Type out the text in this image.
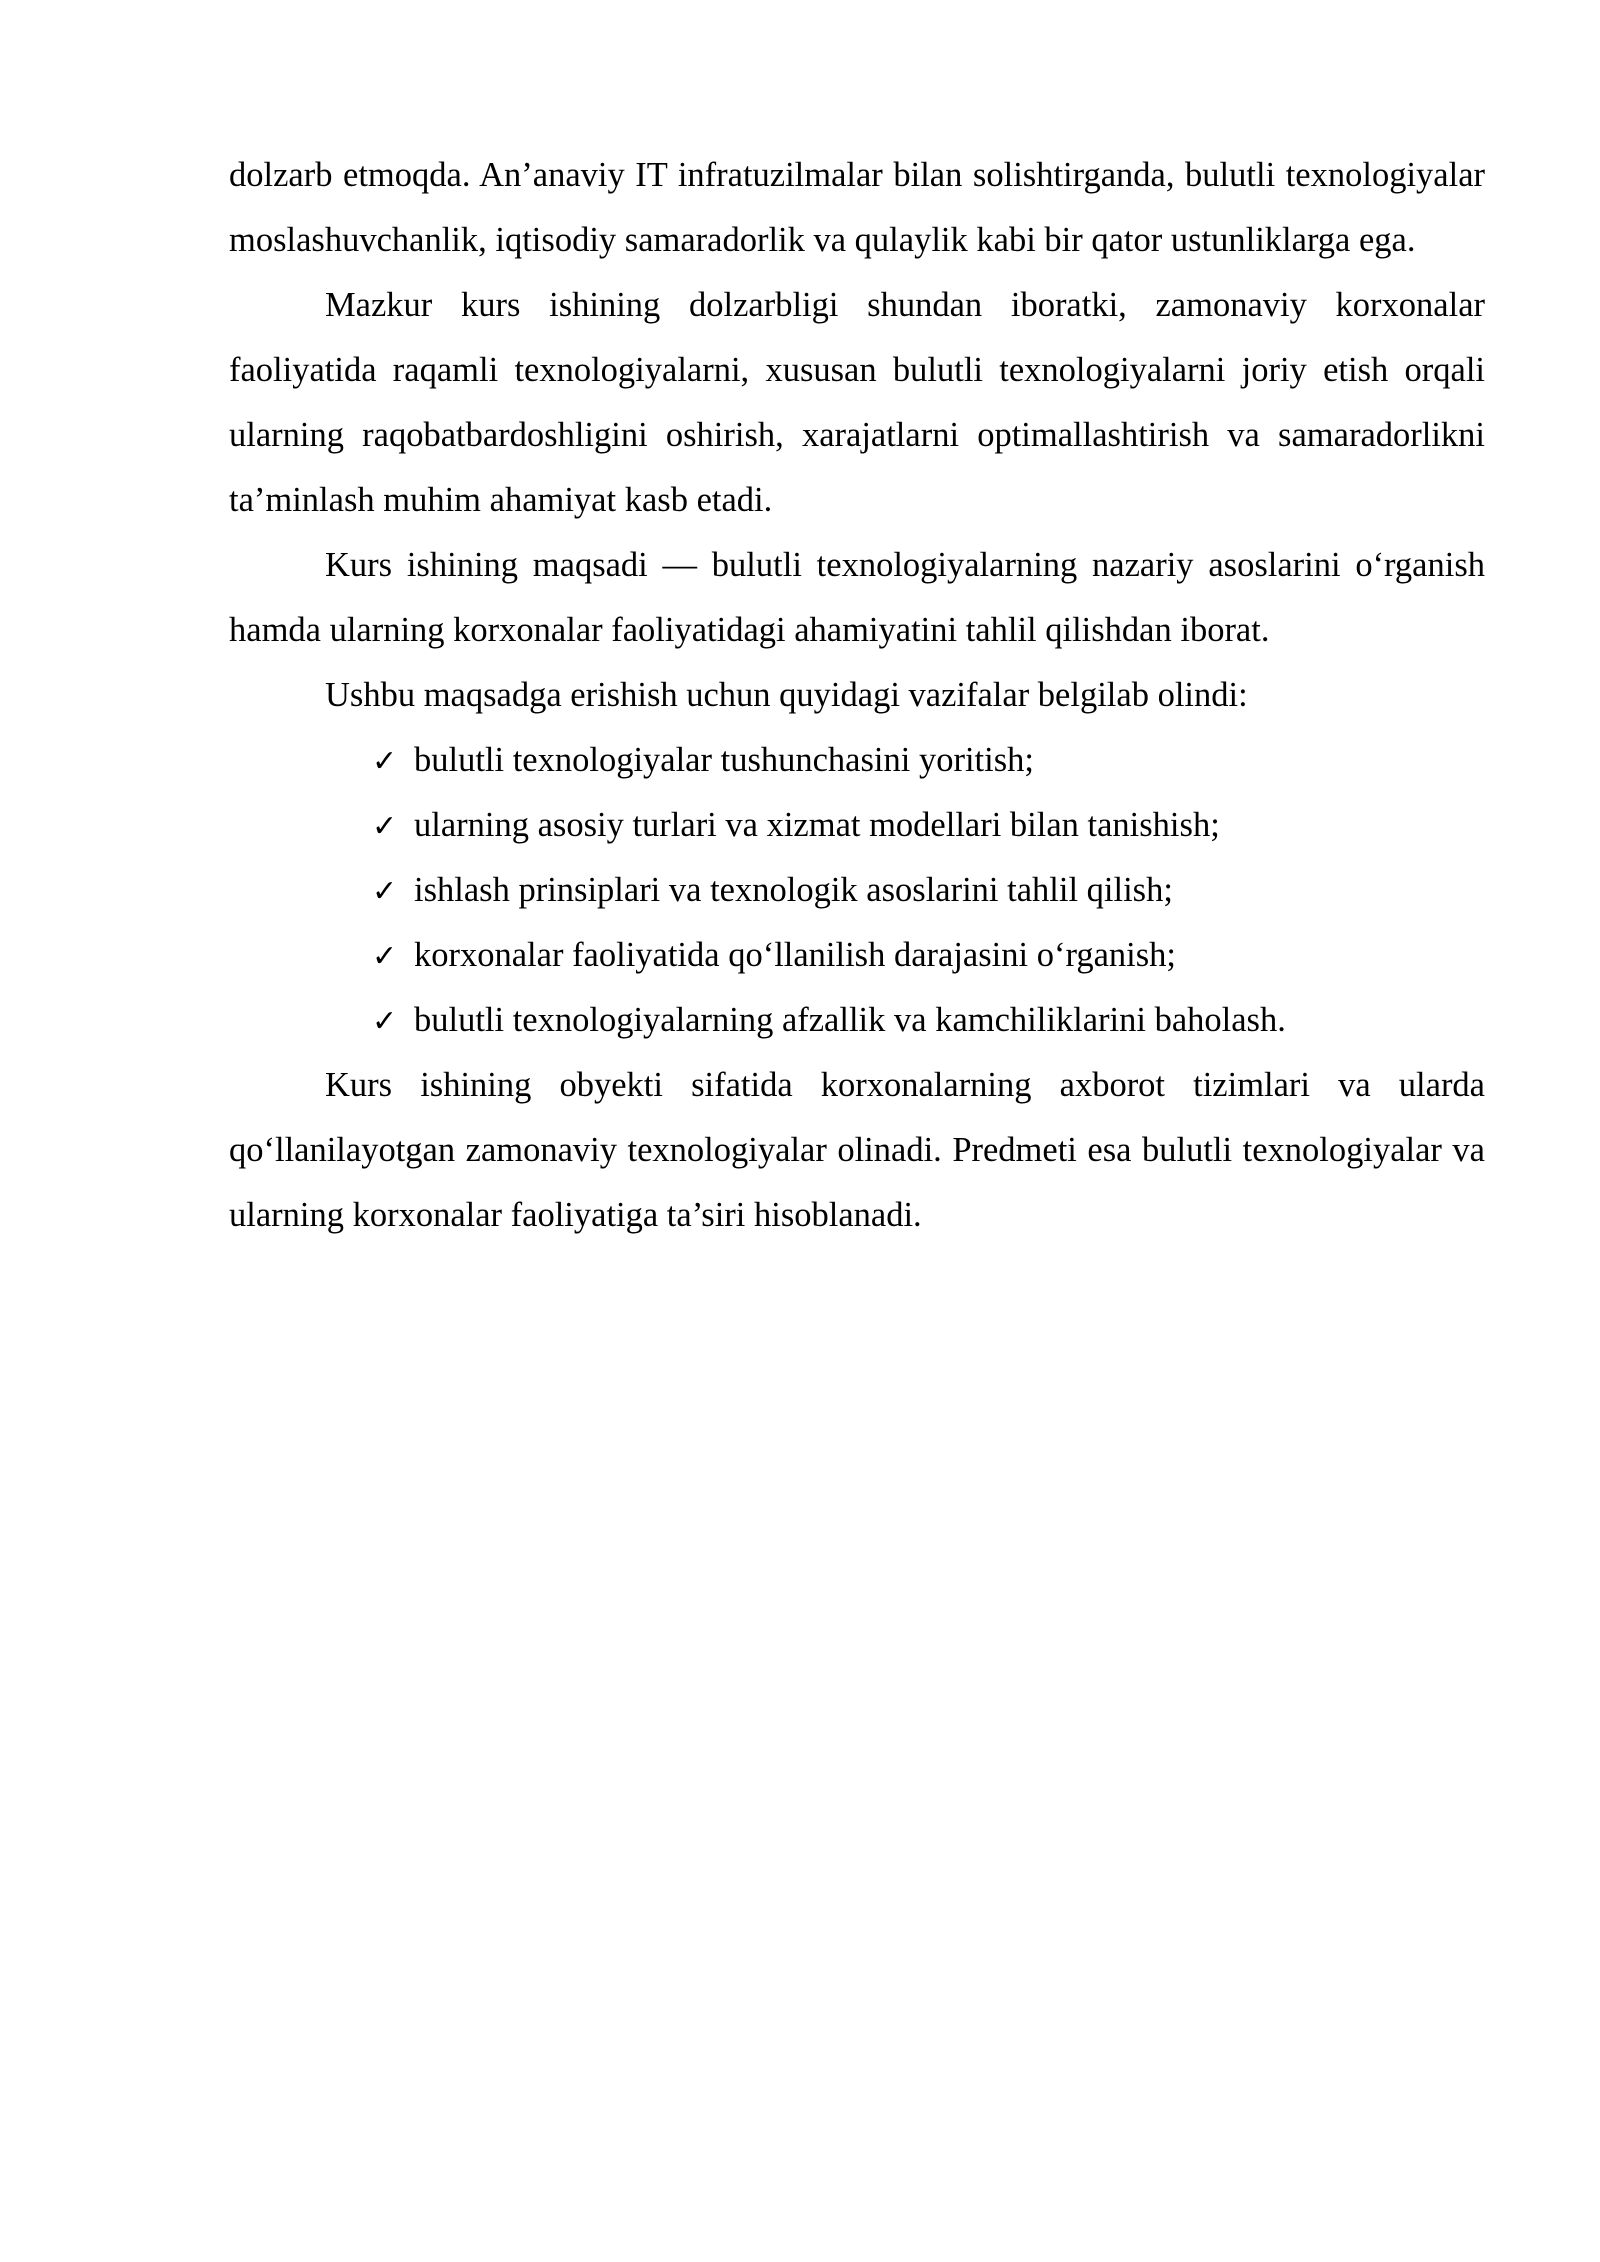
dolzarb etmoqda. An’anaviy IT infratuzilmalar bilan solishtirganda, bulutli texnologiyalar moslashuvchanlik, iqtisodiy samaradorlik va qulaylik kabi bir qator ustunliklarga ega.

Mazkur kurs ishining dolzarbligi shundan iboratki, zamonaviy korxonalar faoliyatida raqamli texnologiyalarni, xususan bulutli texnologiyalarni joriy etish orqali ularning raqobatbardoshligini oshirish, xarajatlarni optimallashtirish va samaradorlikni ta’minlash muhim ahamiyat kasb etadi.

Kurs ishining maqsadi — bulutli texnologiyalarning nazariy asoslarini o‘rganish hamda ularning korxonalar faoliyatidagi ahamiyatini tahlil qilishdan iborat.

Ushbu maqsadga erishish uchun quyidagi vazifalar belgilab olindi:

✓ bulutli texnologiyalar tushunchasini yoritish;
✓ ularning asosiy turlari va xizmat modellari bilan tanishish;
✓ ishlash prinsiplari va texnologik asoslarini tahlil qilish;
✓ korxonalar faoliyatida qo‘llanilish darajasini o‘rganish;
✓ bulutli texnologiyalarning afzallik va kamchiliklarini baholash.

Kurs ishining obyekti sifatida korxonalarning axborot tizimlari va ularda qo‘llanilayotgan zamonaviy texnologiyalar olinadi. Predmeti esa bulutli texnologiyalar va ularning korxonalar faoliyatiga ta’siri hisoblanadi.
